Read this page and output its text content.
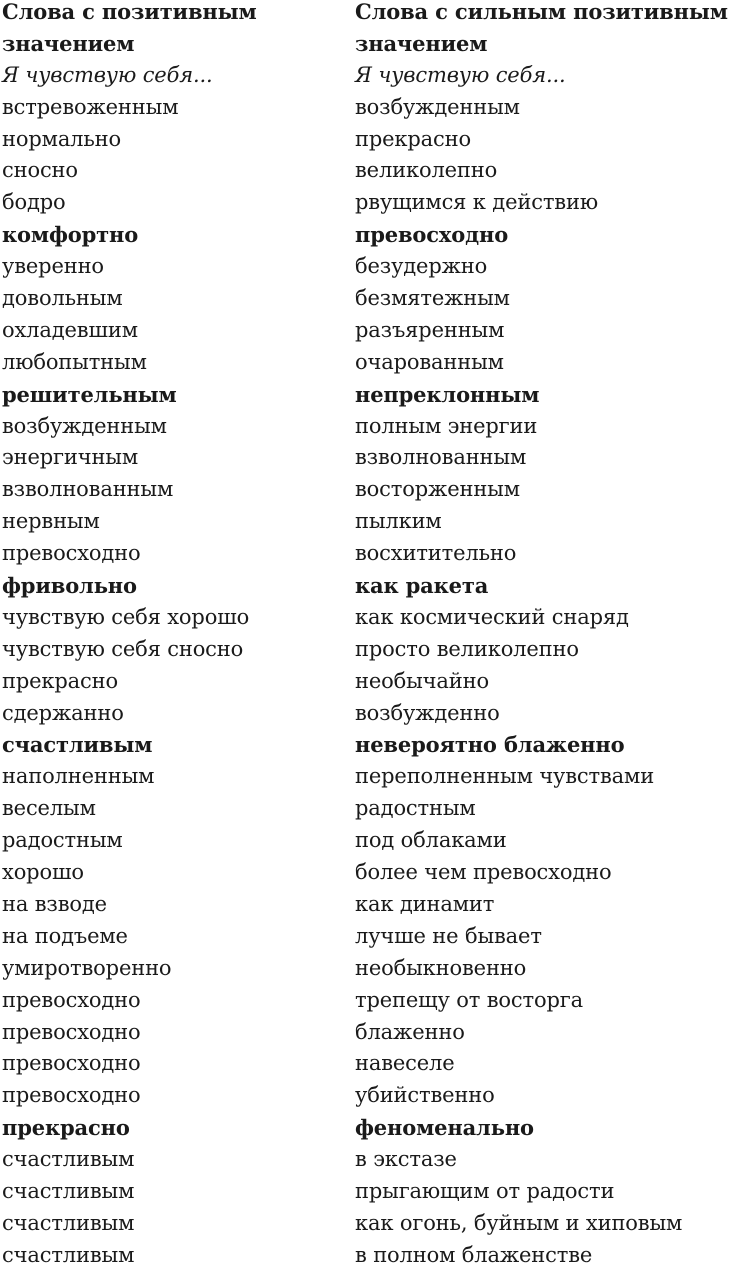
Слова с позитивным
значением
Я чувствую себя...
встревоженным
нормально
сносно
бодро
комфортно
уверенно
довольным
охладевшим
любопытным
решительным
возбужденным
энергичным
взволнованным
нервным
превосходно
фривольно
чувствую себя хорошо
чувствую себя сносно
прекрасно
сдержанно
счастливым
наполненным
веселым
радостным
хорошо
на взводе
на подъеме
умиротворенно
превосходно
превосходно
превосходно
превосходно
прекрасно
счастливым
счастливым
счастливым
счастливым
Слова с сильным позитивным
значением
Я чувствую себя...
возбужденным
прекрасно
великолепно
рвущимся к действию
превосходно
безудержно
безмятежным
разъяренным
очарованным
непреклонным
полным энергии
взволнованным
восторженным
пылким
восхитительно
как ракета
как космический снаряд
просто великолепно
необычайно
возбужденно
невероятно блаженно
переполненным чувствами
радостным
под облаками
более чем превосходно
как динамит
лучше не бывает
необыкновенно
трепещу от восторга
блаженно
навеселе
убийственно
феноменально
в экстазе
прыгающим от радости
как огонь, буйным и хиповым
в полном блаженстве
